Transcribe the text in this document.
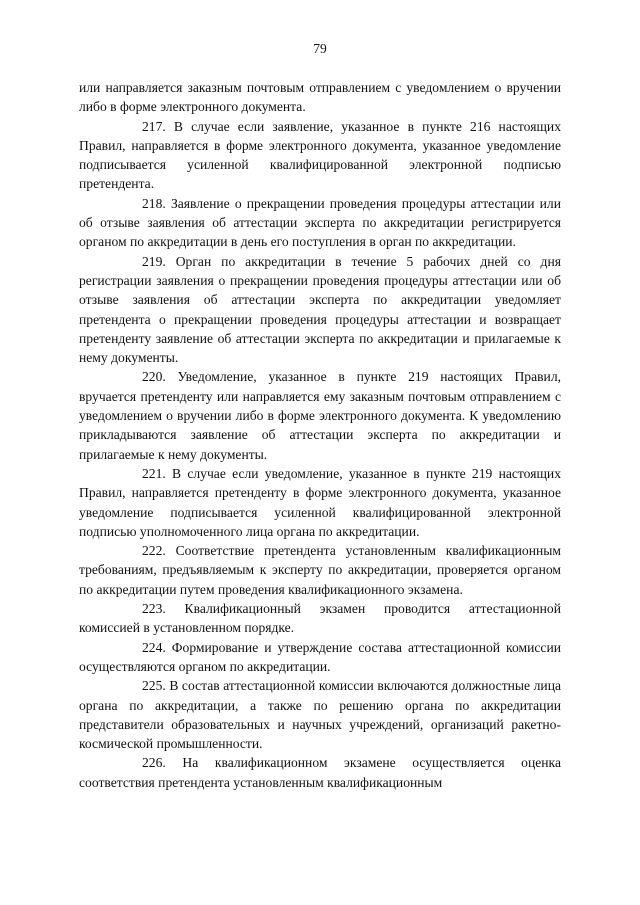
79

или направляется заказным почтовым отправлением с уведомлением о вручении либо в форме электронного документа.

217. В случае если заявление, указанное в пункте 216 настоящих Правил, направляется в форме электронного документа, указанное уведомление подписывается усиленной квалифицированной электронной подписью претендента.

218. Заявление о прекращении проведения процедуры аттестации или об отзыве заявления об аттестации эксперта по аккредитации регистрируется органом по аккредитации в день его поступления в орган по аккредитации.

219. Орган по аккредитации в течение 5 рабочих дней со дня регистрации заявления о прекращении проведения процедуры аттестации или об отзыве заявления об аттестации эксперта по аккредитации уведомляет претендента о прекращении проведения процедуры аттестации и возвращает претенденту заявление об аттестации эксперта по аккредитации и прилагаемые к нему документы.

220. Уведомление, указанное в пункте 219 настоящих Правил, вручается претенденту или направляется ему заказным почтовым отправлением с уведомлением о вручении либо в форме электронного документа. К уведомлению прикладываются заявление об аттестации эксперта по аккредитации и прилагаемые к нему документы.

221. В случае если уведомление, указанное в пункте 219 настоящих Правил, направляется претенденту в форме электронного документа, указанное уведомление подписывается усиленной квалифицированной электронной подписью уполномоченного лица органа по аккредитации.

222. Соответствие претендента установленным квалификационным требованиям, предъявляемым к эксперту по аккредитации, проверяется органом по аккредитации путем проведения квалификационного экзамена.

223. Квалификационный экзамен проводится аттестационной комиссией в установленном порядке.

224. Формирование и утверждение состава аттестационной комиссии осуществляются органом по аккредитации.

225. В состав аттестационной комиссии включаются должностные лица органа по аккредитации, а также по решению органа по аккредитации представители образовательных и научных учреждений, организаций ракетно-космической промышленности.

226. На квалификационном экзамене осуществляется оценка соответствия претендента установленным квалификационным
